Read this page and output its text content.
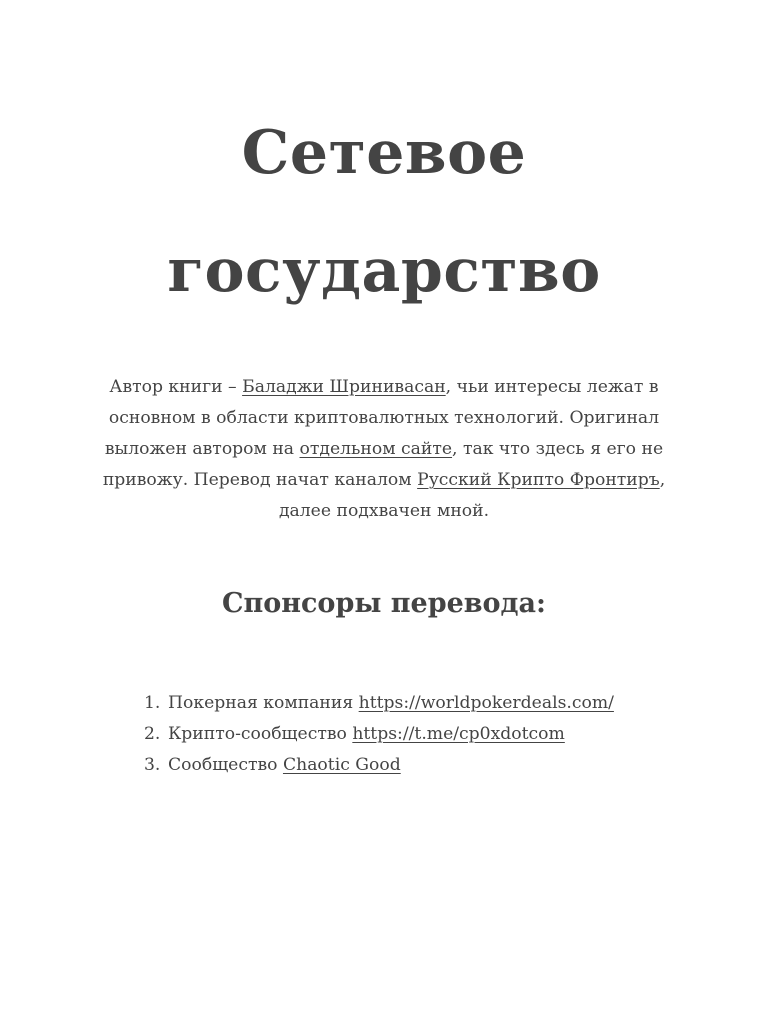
Сетевое
государство

Автор книги – Баладжи Шринивасан, чьи интересы лежат в основном в области криптовалютных технологий. Оригинал выложен автором на отдельном сайте, так что здесь я его не привожу. Перевод начат каналом Русский Крипто Фронтиръ, далее подхвачен мной.

Спонсоры перевода:
1. Покерная компания https://worldpokerdeals.com/
2. Крипто-сообщество https://t.me/cp0xdotcom
3. Сообщество Chaotic Good
